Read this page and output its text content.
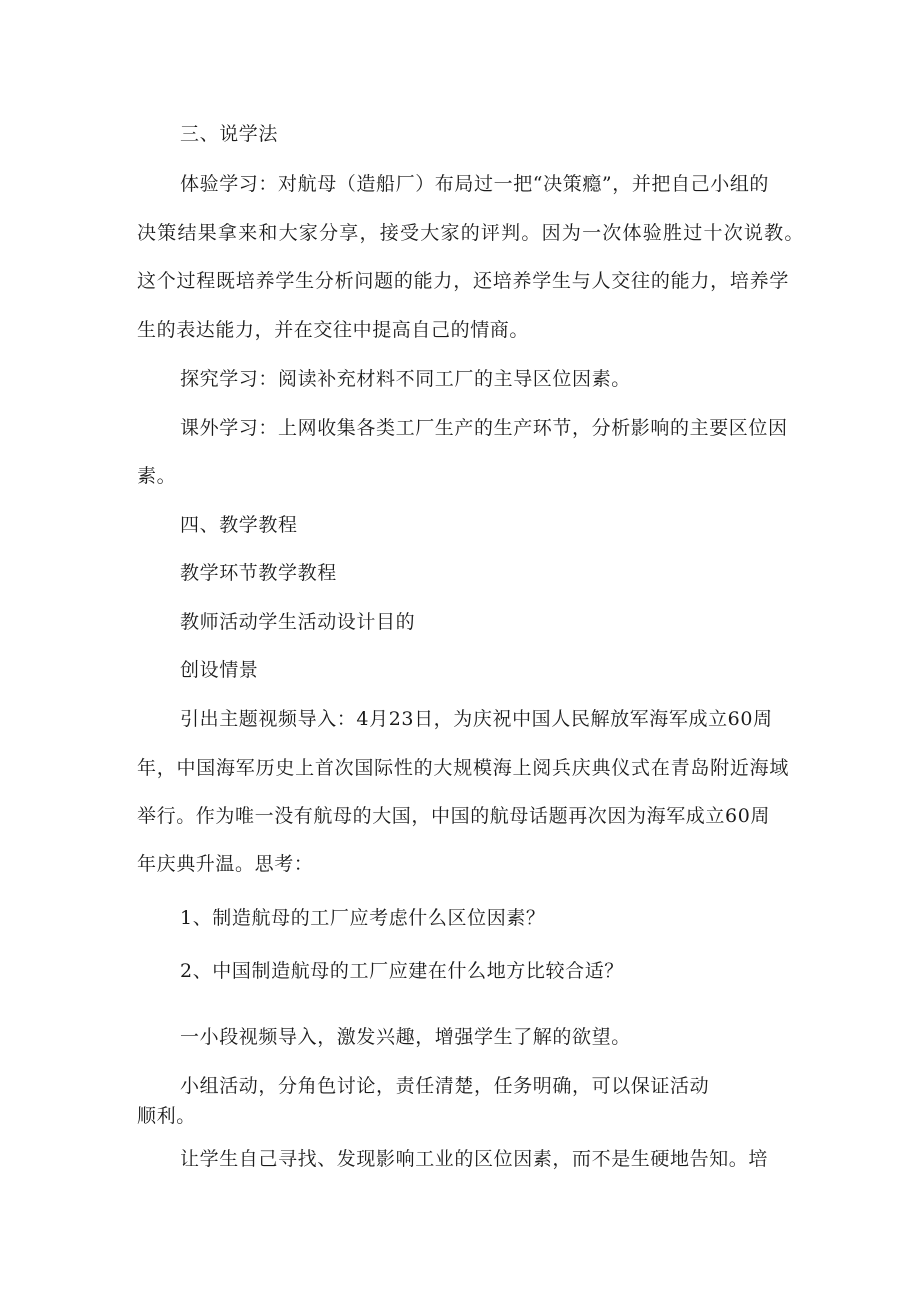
三、说学法
体验学习：对航母（造船厂）布局过一把“决策瘾”，并把自己小组的
决策结果拿来和大家分享，接受大家的评判。因为一次体验胜过十次说教。
这个过程既培养学生分析问题的能力，还培养学生与人交往的能力，培养学
生的表达能力，并在交往中提高自己的情商。
探究学习：阅读补充材料不同工厂的主导区位因素。
课外学习：上网收集各类工厂生产的生产环节，分析影响的主要区位因
素。
四、教学教程
教学环节教学教程
教师活动学生活动设计目的
创设情景
引出主题视频导入：4月23日，为庆祝中国人民解放军海军成立60周
年，中国海军历史上首次国际性的大规模海上阅兵庆典仪式在青岛附近海域
举行。作为唯一没有航母的大国，中国的航母话题再次因为海军成立60周
年庆典升温。思考：
1、制造航母的工厂应考虑什么区位因素？
2、中国制造航母的工厂应建在什么地方比较合适？
一小段视频导入，激发兴趣，增强学生了解的欲望。
小组活动，分角色讨论，责任清楚，任务明确，可以保证活动
顺利。
让学生自己寻找、发现影响工业的区位因素，而不是生硬地告知。培
